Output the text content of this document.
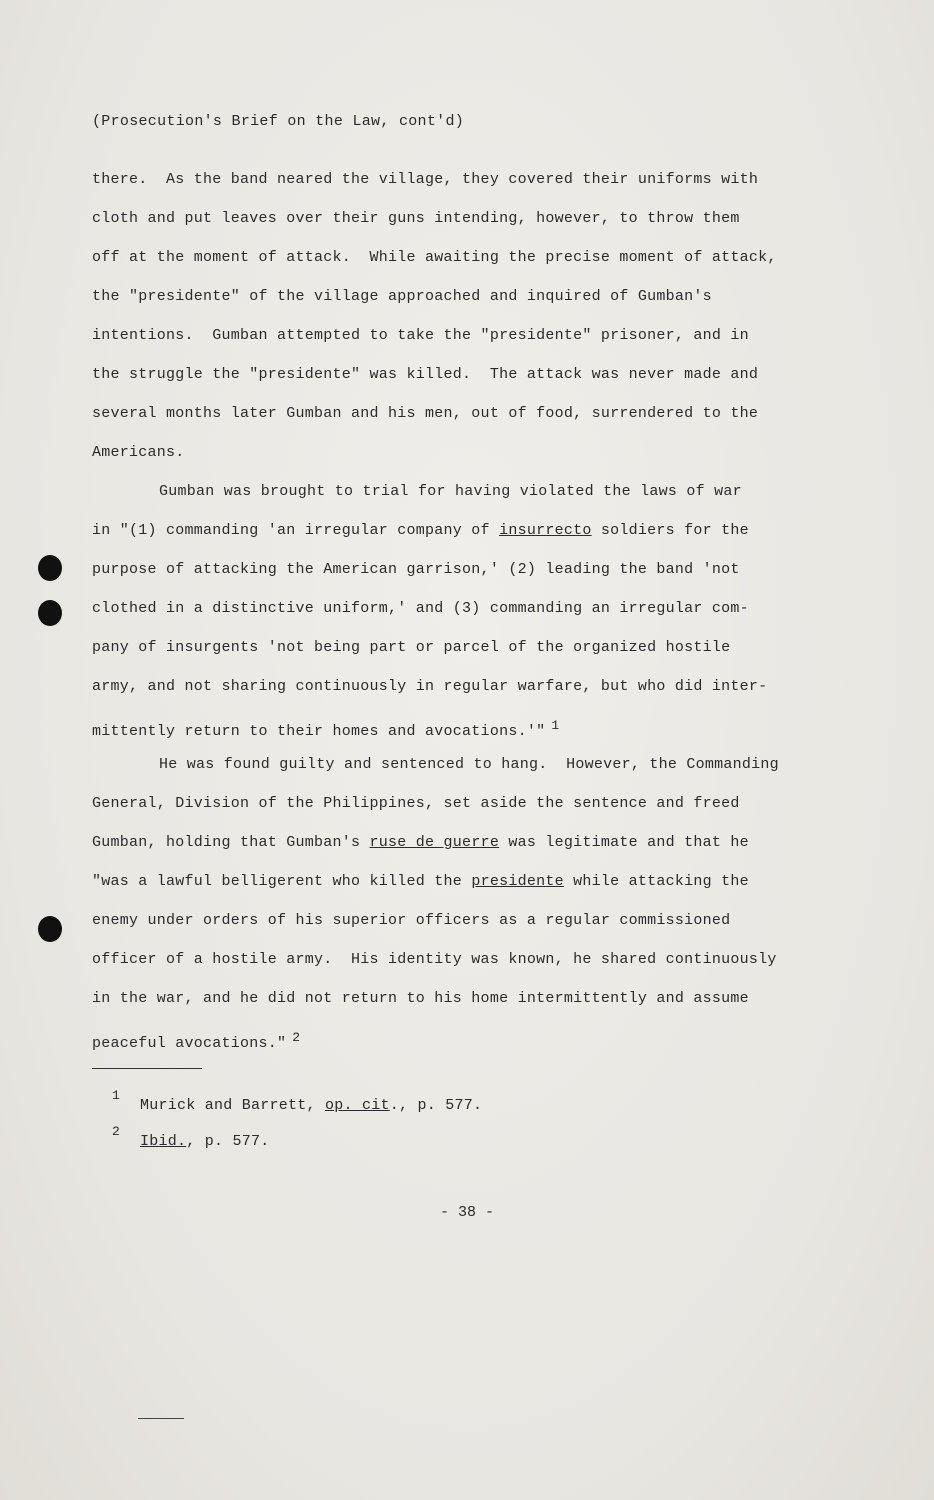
(Prosecution's Brief on the Law, cont'd)
there.  As the band neared the village, they covered their uniforms with
cloth and put leaves over their guns intending, however, to throw them
off at the moment of attack.  While awaiting the precise moment of attack,
the "presidente" of the village approached and inquired of Gumban's
intentions.  Gumban attempted to take the "presidente" prisoner, and in
the struggle the "presidente" was killed.  The attack was never made and
several months later Gumban and his men, out of food, surrendered to the
Americans.
Gumban was brought to trial for having violated the laws of war
in "(1) commanding 'an irregular company of insurrecto soldiers for the
purpose of attacking the American garrison,' (2) leading the band 'not
clothed in a distinctive uniform,' and (3) commanding an irregular com-
pany of insurgents 'not being part or parcel of the organized hostile
army, and not sharing continuously in regular warfare, but who did inter-
mittently return to their homes and avocations.'" $^1$
He was found guilty and sentenced to hang.  However, the Commanding
General, Division of the Philippines, set aside the sentence and freed
Gumban, holding that Gumban's ruse de guerre was legitimate and that he
"was a lawful belligerent who killed the presidente while attacking the
enemy under orders of his superior officers as a regular commissioned
officer of a hostile army.  His identity was known, he shared continuously
in the war, and he did not return to his home intermittently and assume
peaceful avocations." $^2$
1
Murick and Barrett, op. cit., p. 577.
2
Ibid., p. 577.
- 38 -
